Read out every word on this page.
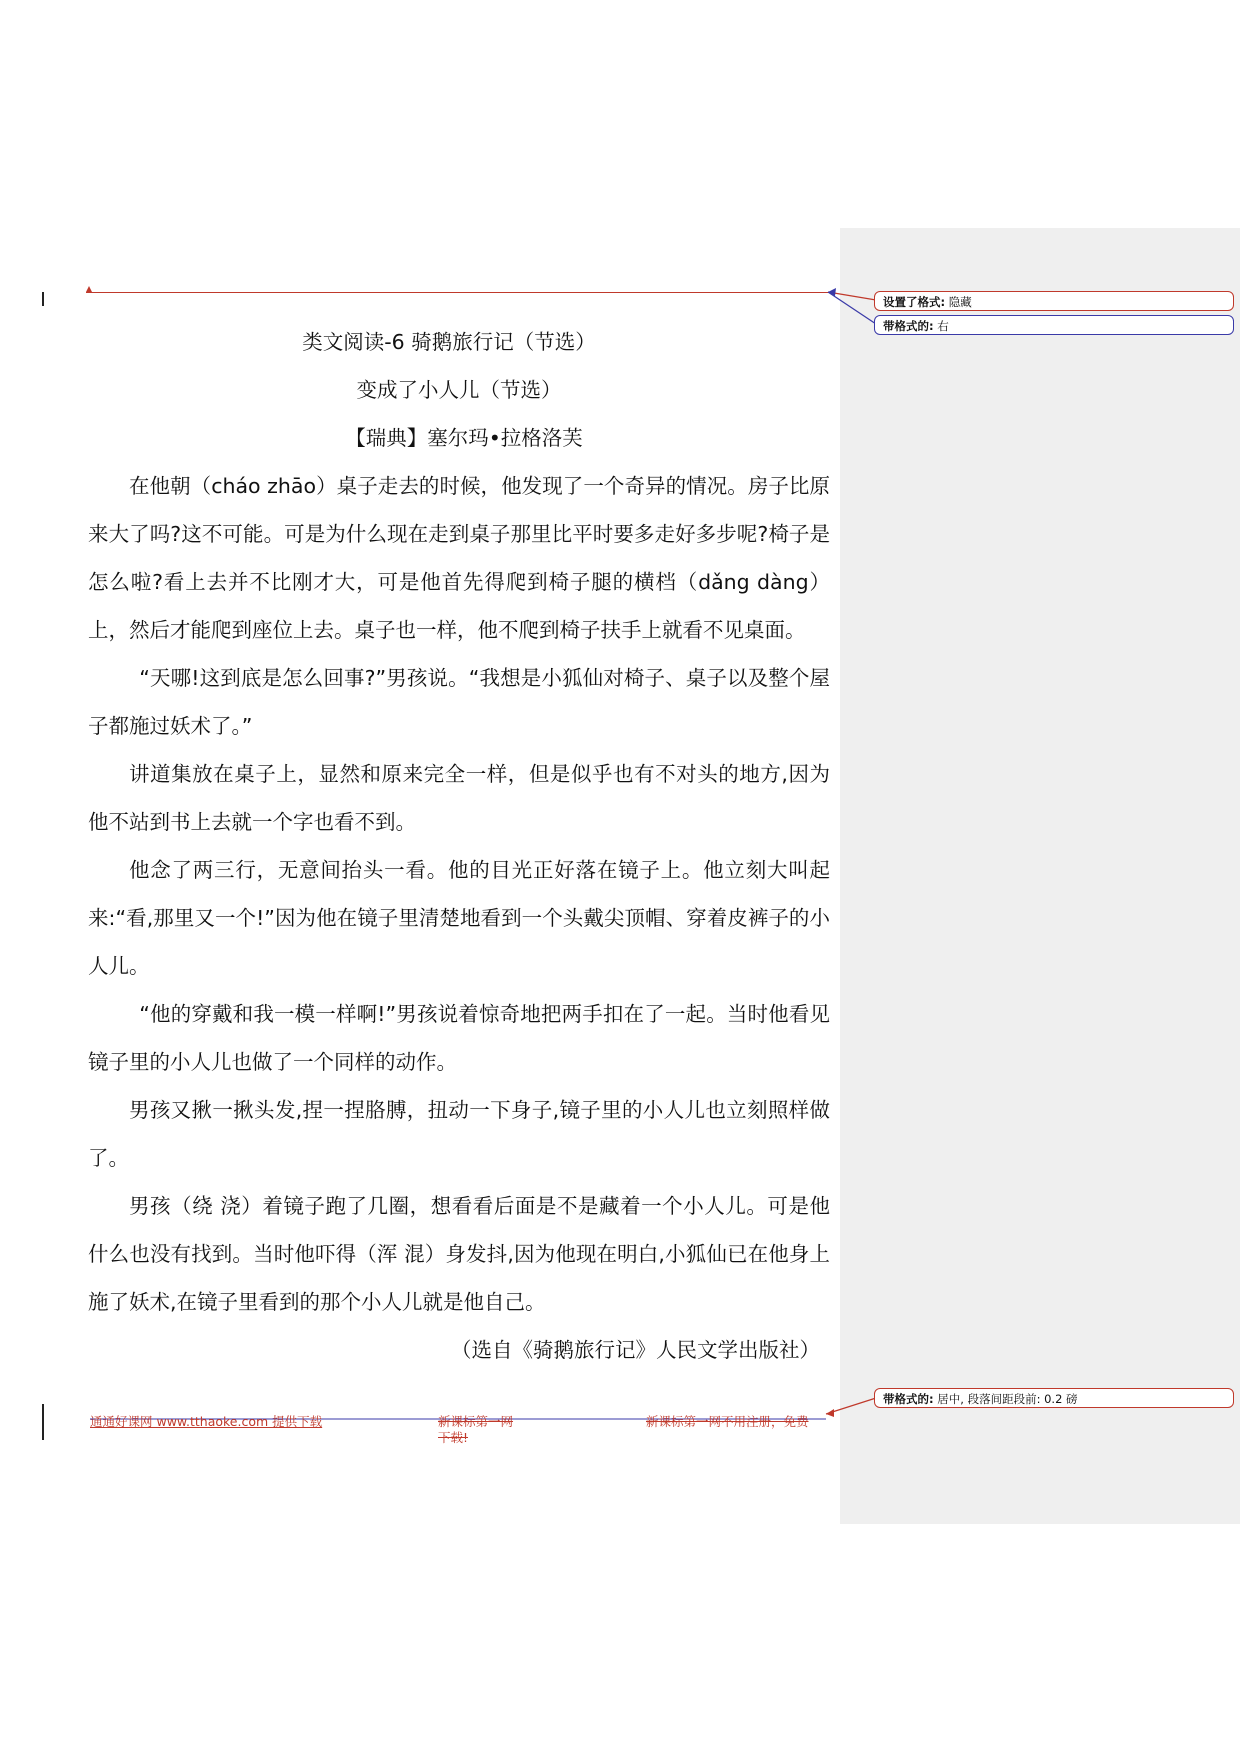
设置了格式: 隐藏
带格式的: 右
带格式的: 居中, 段落间距段前: 0.2 磅

类文阅读-6 骑鹅旅行记（节选）

变成了小人儿（节选）

【瑞典】塞尔玛•拉格洛芙

在他朝（cháo zhāo）桌子走去的时候，他发现了一个奇异的情况。房子比原来大了吗?这不可能。可是为什么现在走到桌子那里比平时要多走好多步呢?椅子是怎么啦?看上去并不比刚才大，可是他首先得爬到椅子腿的横档（dǎng dàng）上，然后才能爬到座位上去。桌子也一样，他不爬到椅子扶手上就看不见桌面。

“天哪!这到底是怎么回事?”男孩说。“我想是小狐仙对椅子、桌子以及整个屋子都施过妖术了。”

讲道集放在桌子上，显然和原来完全一样，但是似乎也有不对头的地方,因为他不站到书上去就一个字也看不到。

他念了两三行，无意间抬头一看。他的目光正好落在镜子上。他立刻大叫起来:“看,那里又一个!”因为他在镜子里清楚地看到一个头戴尖顶帽、穿着皮裤子的小人儿。

“他的穿戴和我一模一样啊!”男孩说着惊奇地把两手扣在了一起。当时他看见镜子里的小人儿也做了一个同样的动作。

男孩又揪一揪头发,捏一捏胳膊，扭动一下身子,镜子里的小人儿也立刻照样做了。

男孩（绕 浇）着镜子跑了几圈，想看看后面是不是藏着一个小人儿。可是他什么也没有找到。当时他吓得（浑 混）身发抖,因为他现在明白,小狐仙已在他身上施了妖术,在镜子里看到的那个小人儿就是他自己。

（选自《骑鹅旅行记》人民文学出版社）

通通好课网 www.tthaoke.com 提供下载	新课标第一网
下载!
新课标第一网不用注册，免费
